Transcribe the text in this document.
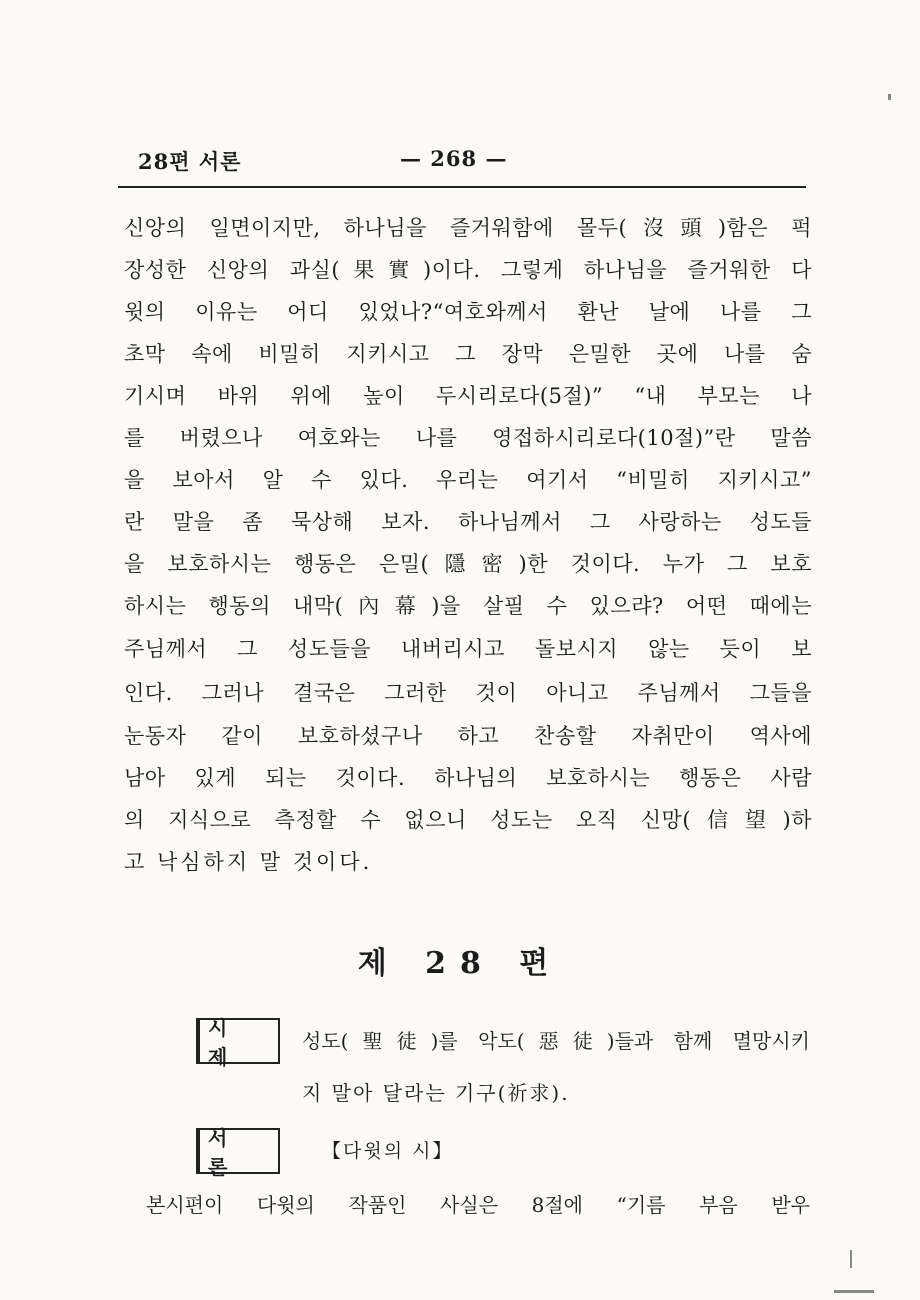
28편 서론	— 268 —
신앙의 일면이지만, 하나님을 즐거워함에 몰두(沒頭)함은 퍽
장성한 신앙의 과실(果實)이다. 그렇게 하나님을 즐거워한 다
윗의 이유는 어디 있었나?“여호와께서 환난 날에 나를 그
초막 속에 비밀히 지키시고 그 장막 은밀한 곳에 나를 숨
기시며 바위 위에 높이 두시리로다(5절)” “내 부모는 나
를 버렸으나 여호와는 나를 영접하시리로다(10절)”란 말씀
을 보아서 알 수 있다. 우리는 여기서 “비밀히 지키시고”
란 말을 좀 묵상해 보자. 하나님께서 그 사랑하는 성도들
을 보호하시는 행동은 은밀(隱密)한 것이다. 누가 그 보호
하시는 행동의 내막(內幕)을 살필 수 있으랴? 어떤 때에는
주님께서 그 성도들을 내버리시고 돌보시지 않는 듯이 보
인다. 그러나 결국은 그러한 것이 아니고 주님께서 그들을
눈동자 같이 보호하셨구나 하고 찬송할 자취만이 역사에
남아 있게 되는 것이다. 하나님의 보호하시는 행동은 사람
의 지식으로 측정할 수 없으니 성도는 오직 신망(信望)하
고 낙심하지 말 것이다.
제 28 편
시 제
성도(聖徒)를 악도(惡徒)들과 함께 멸망시키
지 말아 달라는 기구(祈求).
서 론
【다윗의 시】
본시편이 다윗의 작품인 사실은 8절에 “기름 부음 받우
